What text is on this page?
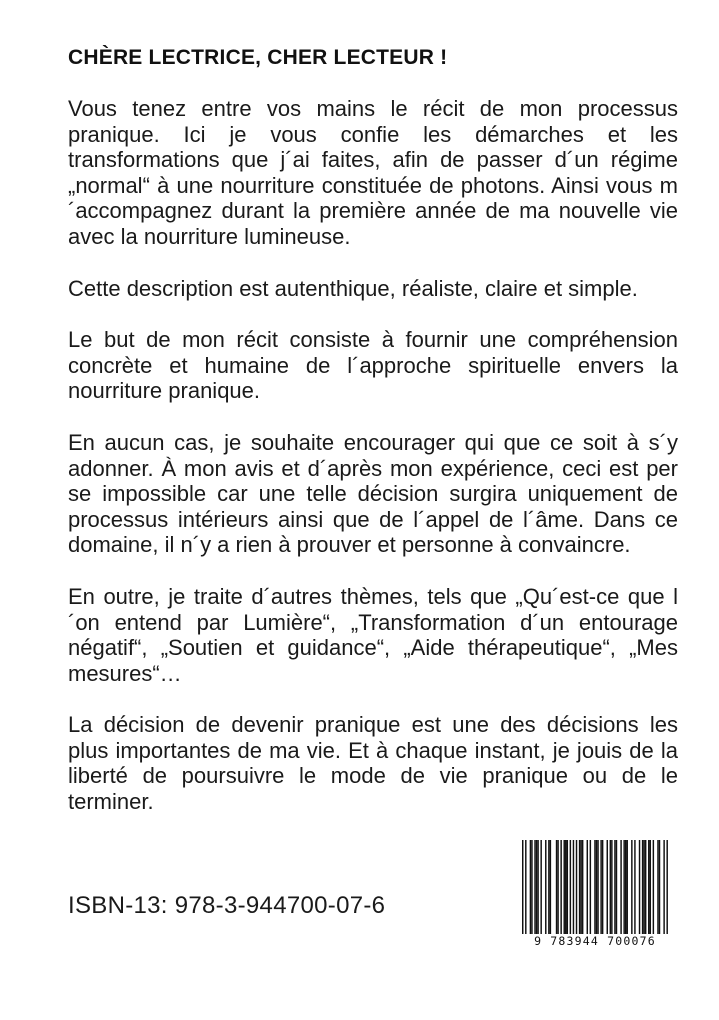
CHÈRE LECTRICE, CHER LECTEUR !

Vous tenez entre vos mains le récit de mon processus pranique. Ici je vous confie les démarches et les transformations que j´ai faites, afin de passer d´un régime „normal“ à une nourriture constituée de photons. Ainsi vous m´accompagnez durant la première année de ma nouvelle vie avec la nourriture lumineuse.

Cette description est autenthique, réaliste, claire et simple.

Le but de mon récit consiste à fournir une compréhension concrète et humaine de l´approche spirituelle envers la nourriture pranique.

En aucun cas, je souhaite encourager qui que ce soit à s´y adonner. À mon avis et d´après mon expérience, ceci est per se impossible car une telle décision surgira uniquement de processus intérieurs ainsi que de l´appel de l´âme. Dans ce domaine, il n´y a rien à prouver et personne à convaincre.

En outre, je traite d´autres thèmes, tels que „Qu´est-ce que l´on entend par Lumière“, „Transformation d´un entourage négatif“, „Soutien et guidance“, „Aide thérapeutique“, „Mes mesures“…

La décision de devenir pranique est une des décisions les plus importantes de ma vie. Et à chaque instant, je jouis de la liberté de poursuivre le mode de vie pranique ou de le terminer.

ISBN-13: 978-3-944700-07-6

9 783944 700076
